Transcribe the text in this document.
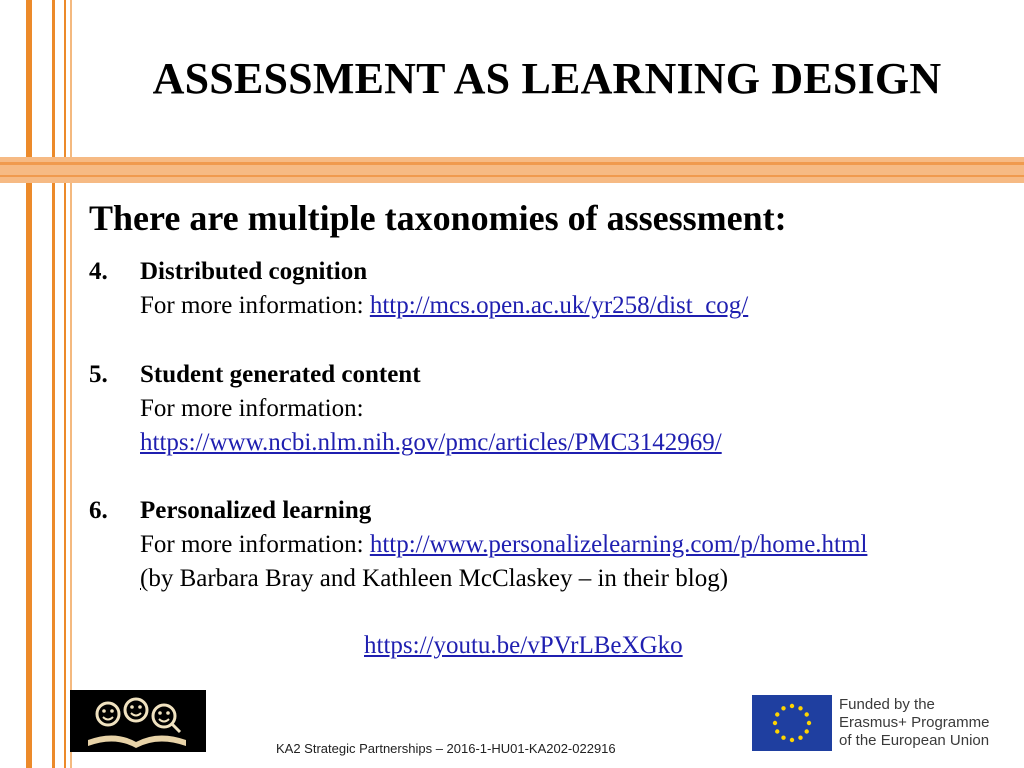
ASSESSMENT AS LEARNING DESIGN
There are multiple taxonomies of assessment:
4. Distributed cognition
For more information: http://mcs.open.ac.uk/yr258/dist_cog/
5. Student generated content
For more information:
https://www.ncbi.nlm.nih.gov/pmc/articles/PMC3142969/
6. Personalized learning
For more information: http://www.personalizelearning.com/p/home.html
(by Barbara Bray and Kathleen McClaskey – in their blog)
https://youtu.be/vPVrLBeXGko
Funded by the
Erasmus+ Programme
of the European Union
KA2 Strategic Partnerships – 2016-1-HU01-KA202-022916
